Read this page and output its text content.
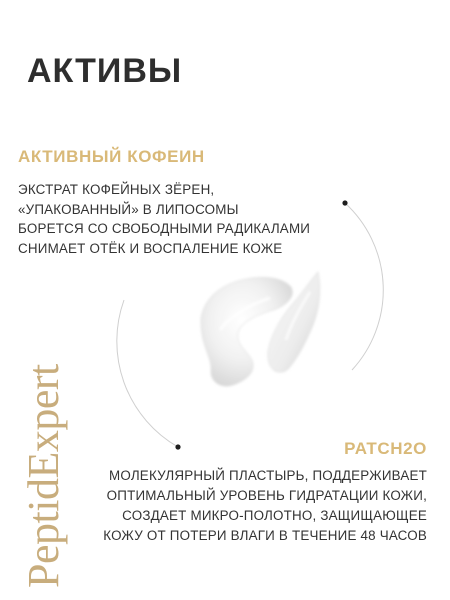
АКТИВЫ
АКТИВНЫЙ КОФЕИН
ЭКСТРАТ КОФЕЙНЫХ ЗЁРЕН,
«УПАКОВАННЫЙ» В ЛИПОСОМЫ
БОРЕТСЯ СО СВОБОДНЫМИ РАДИКАЛАМИ
СНИМАЕТ ОТЁК И ВОСПАЛЕНИЕ КОЖЕ
PATCH2O
МОЛЕКУЛЯРНЫЙ ПЛАСТЫРЬ, ПОДДЕРЖИВАЕТ
ОПТИМАЛЬНЫЙ УРОВЕНЬ ГИДРАТАЦИИ КОЖИ,
СОЗДАЕТ МИКРО-ПОЛОТНО, ЗАЩИЩАЮЩЕЕ
КОЖУ ОТ ПОТЕРИ ВЛАГИ В ТЕЧЕНИЕ 48 ЧАСОВ
PeptidExpert
